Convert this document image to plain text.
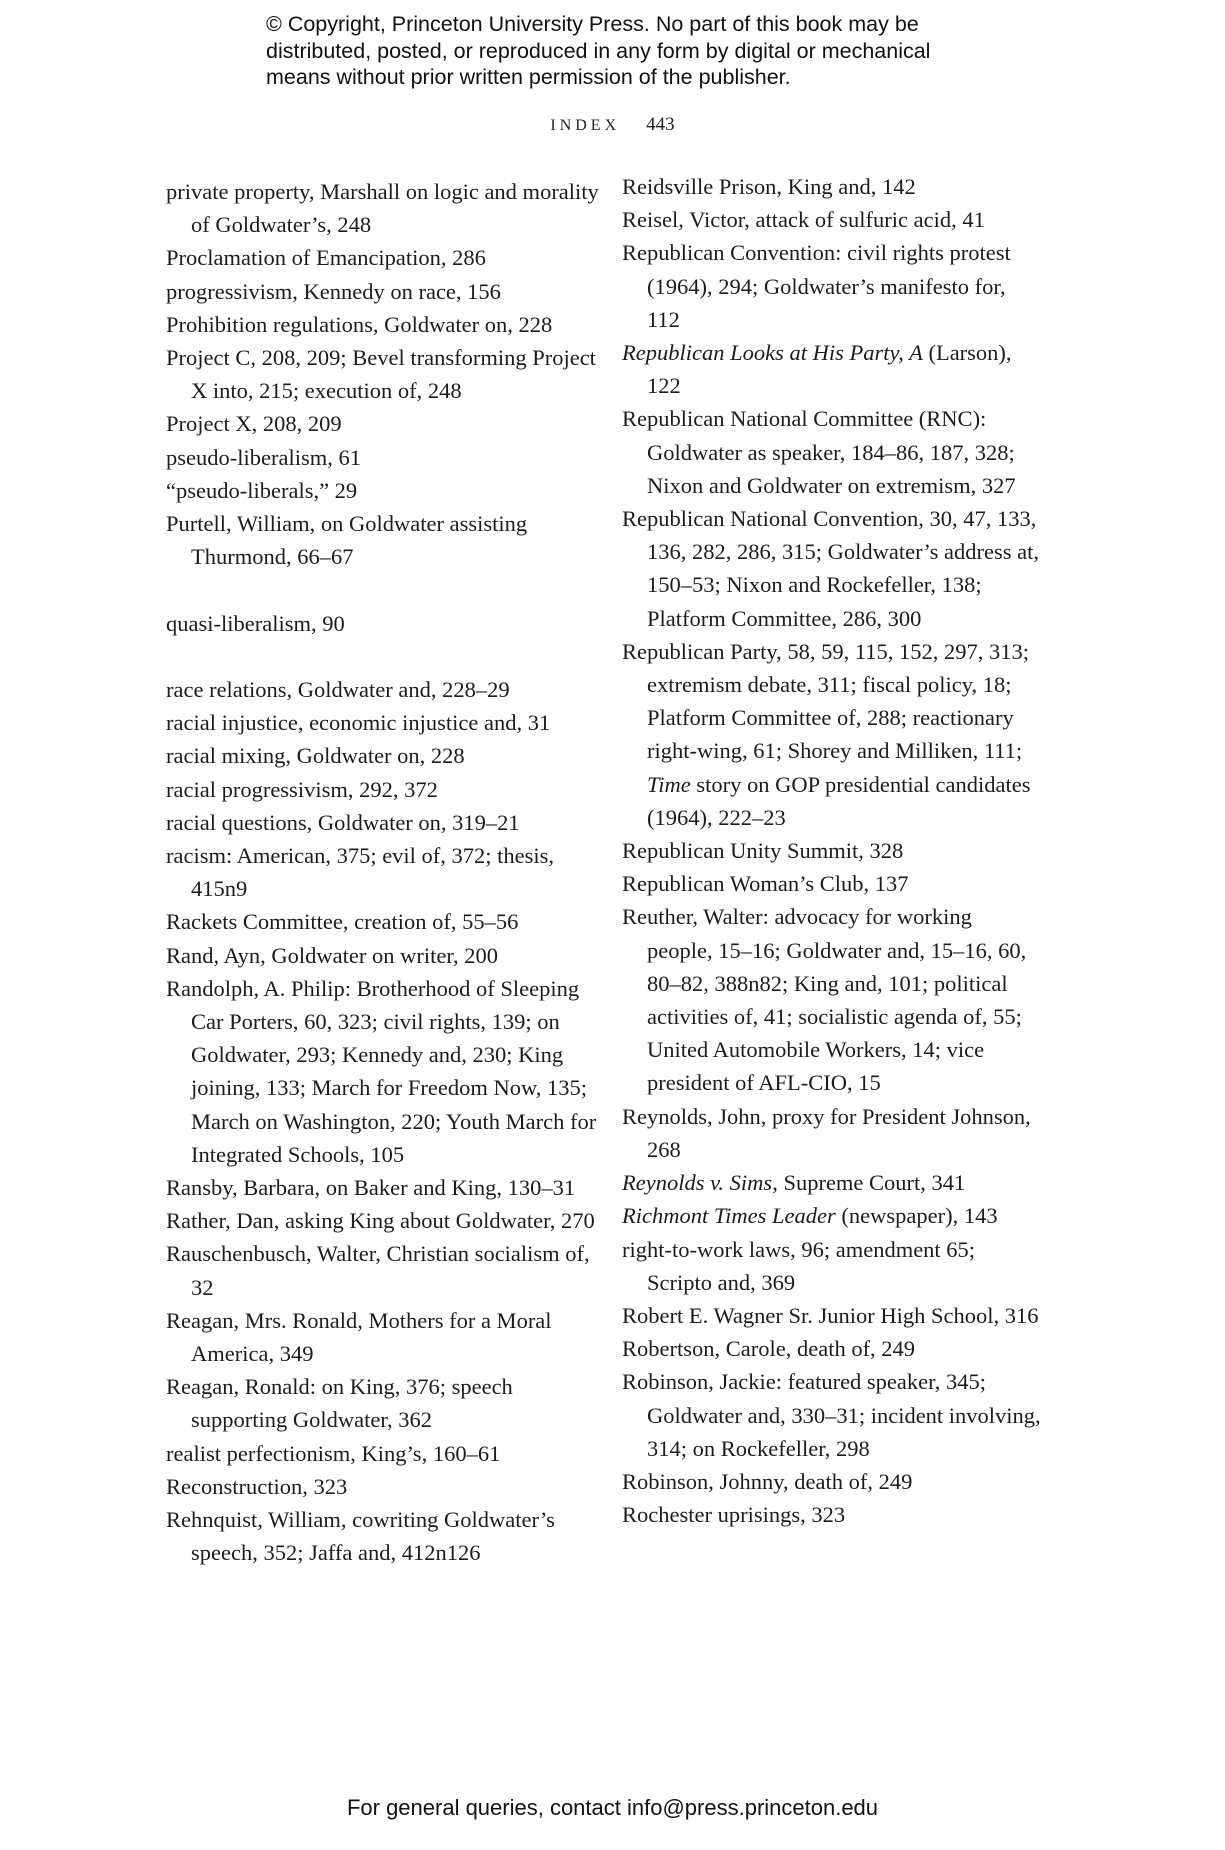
© Copyright, Princeton University Press. No part of this book may be
distributed, posted, or reproduced in any form by digital or mechanical
means without prior written permission of the publisher.
INDEX 443
private property, Marshall on logic and morality of Goldwater’s, 248
Proclamation of Emancipation, 286
progressivism, Kennedy on race, 156
Prohibition regulations, Goldwater on, 228
Project C, 208, 209; Bevel transforming Project X into, 215; execution of, 248
Project X, 208, 209
pseudo-liberalism, 61
“pseudo-liberals,” 29
Purtell, William, on Goldwater assisting Thurmond, 66–67
quasi-liberalism, 90
race relations, Goldwater and, 228–29
racial injustice, economic injustice and, 31
racial mixing, Goldwater on, 228
racial progressivism, 292, 372
racial questions, Goldwater on, 319–21
racism: American, 375; evil of, 372; thesis, 415n9
Rackets Committee, creation of, 55–56
Rand, Ayn, Goldwater on writer, 200
Randolph, A. Philip: Brotherhood of Sleeping Car Porters, 60, 323; civil rights, 139; on Goldwater, 293; Kennedy and, 230; King joining, 133; March for Freedom Now, 135; March on Washington, 220; Youth March for Integrated Schools, 105
Ransby, Barbara, on Baker and King, 130–31
Rather, Dan, asking King about Goldwater, 270
Rauschenbusch, Walter, Christian socialism of, 32
Reagan, Mrs. Ronald, Mothers for a Moral America, 349
Reagan, Ronald: on King, 376; speech supporting Goldwater, 362
realist perfectionism, King’s, 160–61
Reconstruction, 323
Rehnquist, William, cowriting Goldwater’s speech, 352; Jaffa and, 412n126
Reidsville Prison, King and, 142
Reisel, Victor, attack of sulfuric acid, 41
Republican Convention: civil rights protest (1964), 294; Goldwater’s manifesto for, 112
Republican Looks at His Party, A (Larson), 122
Republican National Committee (RNC): Goldwater as speaker, 184–86, 187, 328; Nixon and Goldwater on extremism, 327
Republican National Convention, 30, 47, 133, 136, 282, 286, 315; Goldwater’s address at, 150–53; Nixon and Rockefeller, 138; Platform Committee, 286, 300
Republican Party, 58, 59, 115, 152, 297, 313; extremism debate, 311; fiscal policy, 18; Platform Committee of, 288; reactionary right-wing, 61; Shorey and Milliken, 111; Time story on GOP presidential candidates (1964), 222–23
Republican Unity Summit, 328
Republican Woman’s Club, 137
Reuther, Walter: advocacy for working people, 15–16; Goldwater and, 15–16, 60, 80–82, 388n82; King and, 101; political activities of, 41; socialistic agenda of, 55; United Automobile Workers, 14; vice president of AFL-CIO, 15
Reynolds, John, proxy for President Johnson, 268
Reynolds v. Sims, Supreme Court, 341
Richmont Times Leader (newspaper), 143
right-to-work laws, 96; amendment 65; Scripto and, 369
Robert E. Wagner Sr. Junior High School, 316
Robertson, Carole, death of, 249
Robinson, Jackie: featured speaker, 345; Goldwater and, 330–31; incident involving, 314; on Rockefeller, 298
Robinson, Johnny, death of, 249
Rochester uprisings, 323
For general queries, contact info@press.princeton.edu
